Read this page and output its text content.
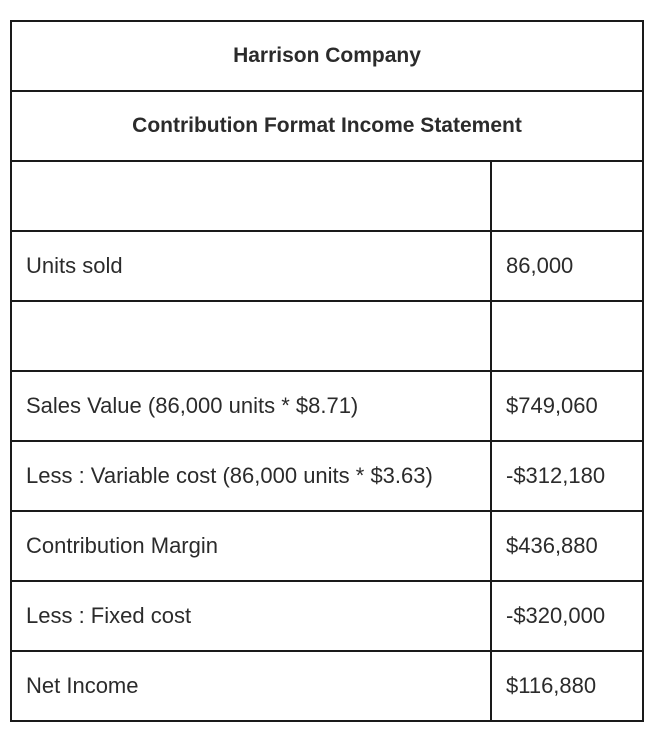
Harrison Company	
Contribution Format Income Statement	

Units sold	86,000

Sales Value (86,000 units * $8.71)	$749,060
Less : Variable cost (86,000 units * $3.63)	-$312,180
Contribution Margin	$436,880
Less : Fixed cost	-$320,000
Net Income	$116,880
